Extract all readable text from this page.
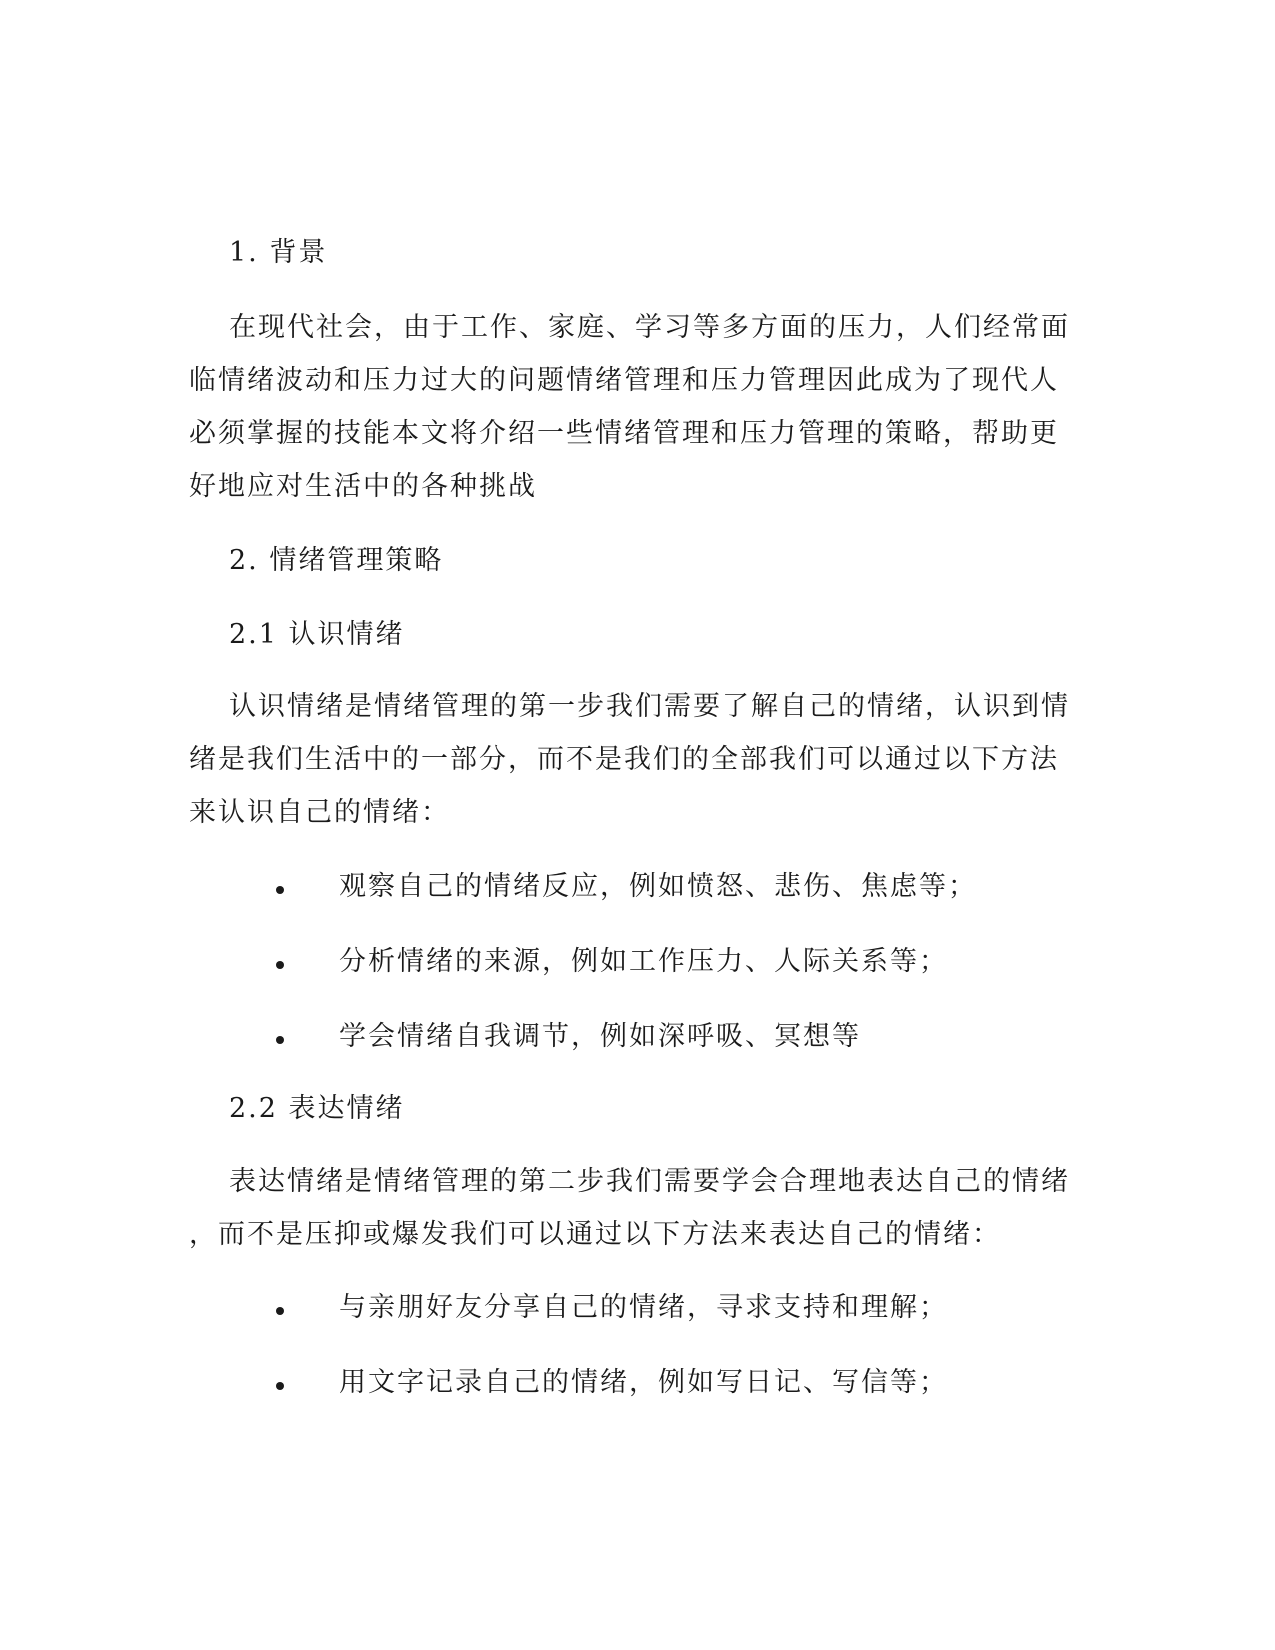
1. 背景
在现代社会，由于工作、家庭、学习等多方面的压力，人们经常面
临情绪波动和压力过大的问题情绪管理和压力管理因此成为了现代人
必须掌握的技能本文将介绍一些情绪管理和压力管理的策略，帮助更
好地应对生活中的各种挑战
2. 情绪管理策略
2.1 认识情绪
认识情绪是情绪管理的第一步我们需要了解自己的情绪，认识到情
绪是我们生活中的一部分，而不是我们的全部我们可以通过以下方法
来认识自己的情绪：
观察自己的情绪反应，例如愤怒、悲伤、焦虑等；
分析情绪的来源，例如工作压力、人际关系等；
学会情绪自我调节，例如深呼吸、冥想等
2.2 表达情绪
表达情绪是情绪管理的第二步我们需要学会合理地表达自己的情绪
，而不是压抑或爆发我们可以通过以下方法来表达自己的情绪：
与亲朋好友分享自己的情绪，寻求支持和理解；
用文字记录自己的情绪，例如写日记、写信等；
